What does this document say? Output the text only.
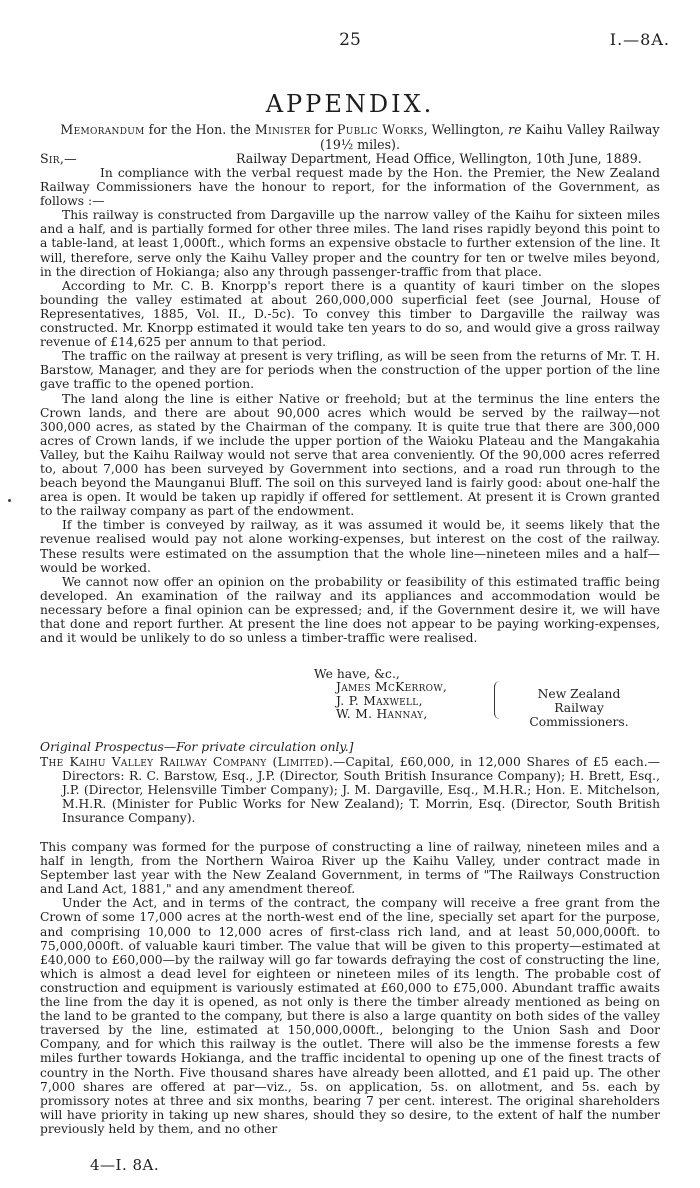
25	I.—8A.
APPENDIX.
Memorandum for the Hon. the Minister for Public Works, Wellington, re Kaihu Valley Railway (19½ miles).
Sir,—	Railway Department, Head Office, Wellington, 10th June, 1889.

In compliance with the verbal request made by the Hon. the Premier, the New Zealand Railway Commissioners have the honour to report, for the information of the Government, as follows :—

This railway is constructed from Dargaville up the narrow valley of the Kaihu for sixteen miles and a half, and is partially formed for other three miles. The land rises rapidly beyond this point to a table-land, at least 1,000ft., which forms an expensive obstacle to further extension of the line. It will, therefore, serve only the Kaihu Valley proper and the country for ten or twelve miles beyond, in the direction of Hokianga; also any through passenger-traffic from that place.

According to Mr. C. B. Knorpp's report there is a quantity of kauri timber on the slopes bounding the valley estimated at about 260,000,000 superficial feet (see Journal, House of Representatives, 1885, Vol. II., D.-5c). To convey this timber to Dargaville the railway was constructed. Mr. Knorpp estimated it would take ten years to do so, and would give a gross railway revenue of £14,625 per annum to that period.

The traffic on the railway at present is very trifling, as will be seen from the returns of Mr. T. H. Barstow, Manager, and they are for periods when the construction of the upper portion of the line gave traffic to the opened portion.

The land along the line is either Native or freehold; but at the terminus the line enters the Crown lands, and there are about 90,000 acres which would be served by the railway—not 300,000 acres, as stated by the Chairman of the company. It is quite true that there are 300,000 acres of Crown lands, if we include the upper portion of the Waioku Plateau and the Mangakahia Valley, but the Kaihu Railway would not serve that area conveniently. Of the 90,000 acres referred to, about 7,000 has been surveyed by Government into sections, and a road run through to the beach beyond the Maunganui Bluff. The soil on this surveyed land is fairly good: about one-half the area is open. It would be taken up rapidly if offered for settlement. At present it is Crown granted to the railway company as part of the endowment.

If the timber is conveyed by railway, as it was assumed it would be, it seems likely that the revenue realised would pay not alone working-expenses, but interest on the cost of the railway. These results were estimated on the assumption that the whole line—nineteen miles and a half—would be worked.

We cannot now offer an opinion on the probability or feasibility of this estimated traffic being developed. An examination of the railway and its appliances and accommodation would be necessary before a final opinion can be expressed; and, if the Government desire it, we will have that done and report further. At present the line does not appear to be paying working-expenses, and it would be unlikely to do so unless a timber-traffic were realised.

We have, &c.,
James McKerrow,
J. P. Maxwell,
W. M. Hannay,
New Zealand
Railway Commissioners.
Original Prospectus—For private circulation only.]

The Kaihu Valley Railway Company (Limited).—Capital, £60,000, in 12,000 Shares of £5 each.—Directors: R. C. Barstow, Esq., J.P. (Director, South British Insurance Company); H. Brett, Esq., J.P. (Director, Helensville Timber Company); J. M. Dargaville, Esq., M.H.R.; Hon. E. Mitchelson, M.H.R. (Minister for Public Works for New Zealand); T. Morrin, Esq. (Director, South British Insurance Company).

This company was formed for the purpose of constructing a line of railway, nineteen miles and a half in length, from the Northern Wairoa River up the Kaihu Valley, under contract made in September last year with the New Zealand Government, in terms of "The Railways Construction and Land Act, 1881," and any amendment thereof.

Under the Act, and in terms of the contract, the company will receive a free grant from the Crown of some 17,000 acres at the north-west end of the line, specially set apart for the purpose, and comprising 10,000 to 12,000 acres of first-class rich land, and at least 50,000,000ft. to 75,000,000ft. of valuable kauri timber. The value that will be given to this property—estimated at £40,000 to £60,000—by the railway will go far towards defraying the cost of constructing the line, which is almost a dead level for eighteen or nineteen miles of its length. The probable cost of construction and equipment is variously estimated at £60,000 to £75,000. Abundant traffic awaits the line from the day it is opened, as not only is there the timber already mentioned as being on the land to be granted to the company, but there is also a large quantity on both sides of the valley traversed by the line, estimated at 150,000,000ft., belonging to the Union Sash and Door Company, and for which this railway is the outlet. There will also be the immense forests a few miles further towards Hokianga, and the traffic incidental to opening up one of the finest tracts of country in the North. Five thousand shares have already been allotted, and £1 paid up. The other 7,000 shares are offered at par—viz., 5s. on application, 5s. on allotment, and 5s. each by promissory notes at three and six months, bearing 7 per cent. interest. The original shareholders will have priority in taking up new shares, should they so desire, to the extent of half the number previously held by them, and no other

4—I. 8A.
